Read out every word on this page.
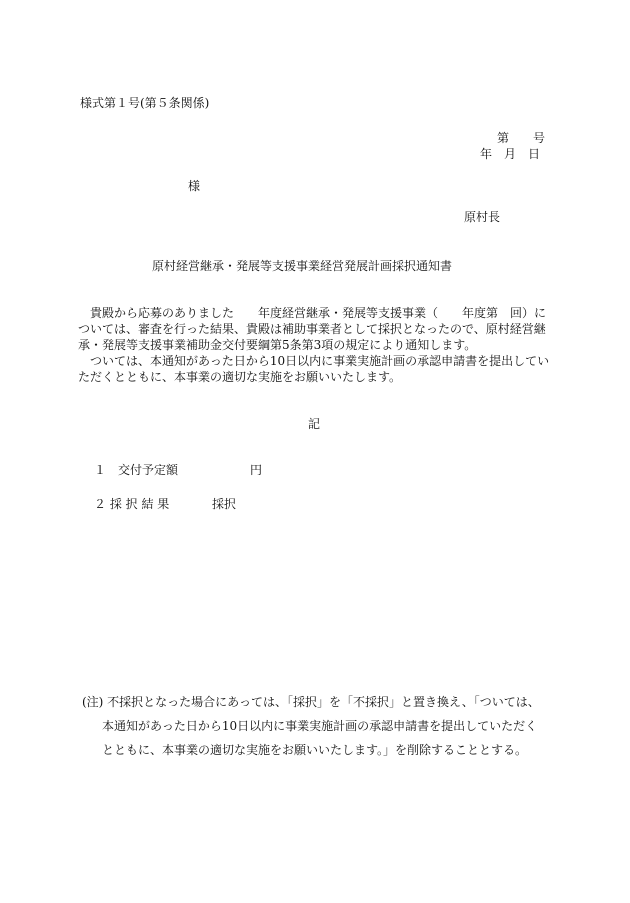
様式第１号(第５条関係)
第　　号
年　月　日
様
原村長
原村経営継承・発展等支援事業経営発展計画採択通知書
　貴殿から応募のありました　　年度経営継承・発展等支援事業（　　年度第　回）に
ついては、審査を行った結果、貴殿は補助事業者として採択となったので、原村経営継
承・発展等支援事業補助金交付要綱第5条第3項の規定により通知します。
　ついては、本通知があった日から10日以内に事業実施計画の承認申請書を提出してい
ただくとともに、本事業の適切な実施をお願いいたします。
記
１　交付予定額	円
２ 採 択 結 果	採択
(注) 不採択となった場合にあっては、「採択」を「不採択」と置き換え、「ついては、
本通知があった日から10日以内に事業実施計画の承認申請書を提出していただく
とともに、本事業の適切な実施をお願いいたします。」を削除することとする。
